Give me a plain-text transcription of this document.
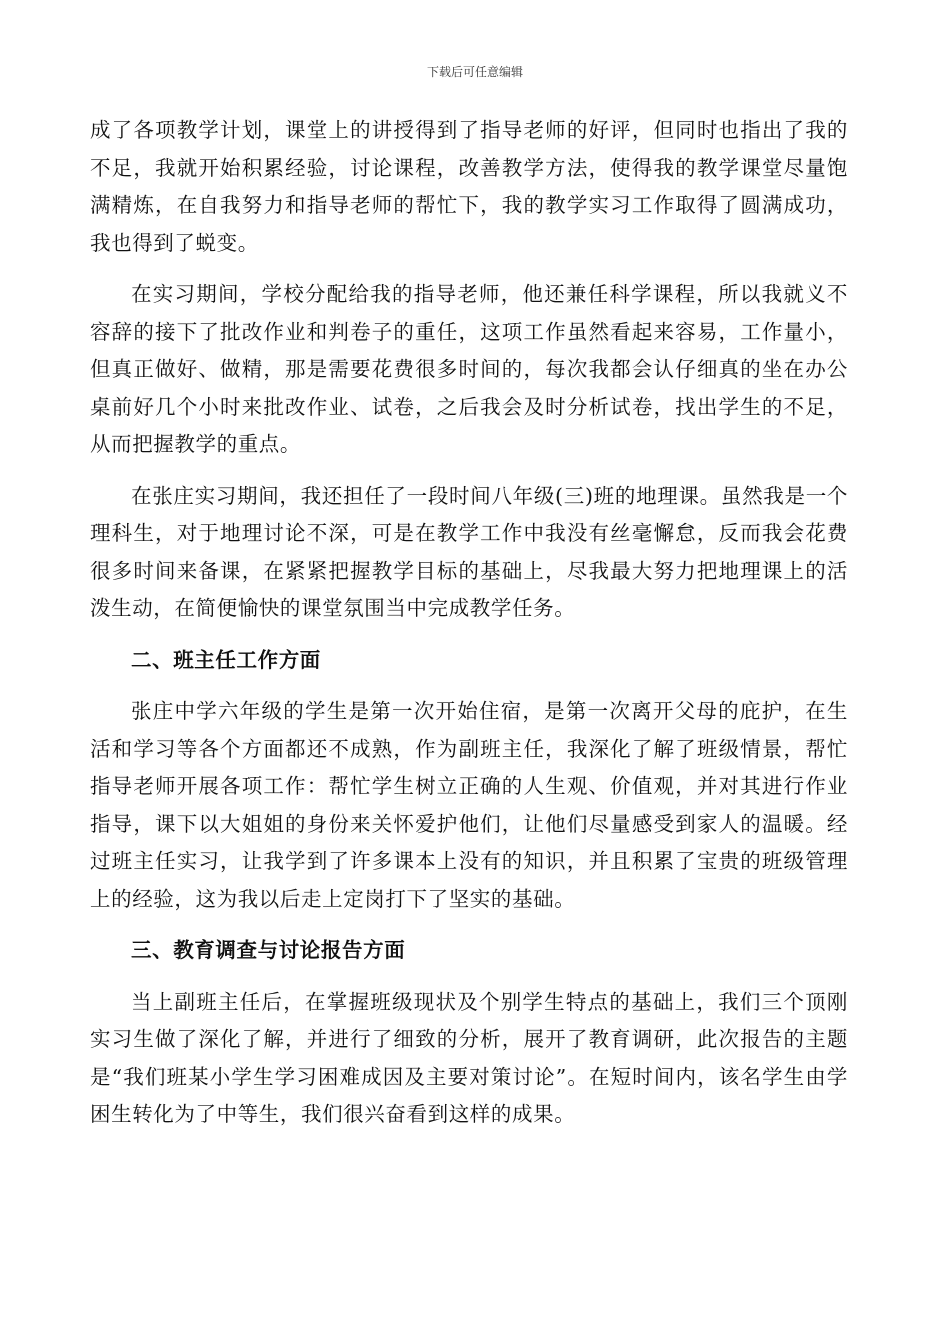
下载后可任意编辑

成了各项教学计划，课堂上的讲授得到了指导老师的好评，但同时也指出了我的不足，我就开始积累经验，讨论课程，改善教学方法，使得我的教学课堂尽量饱满精炼，在自我努力和指导老师的帮忙下，我的教学实习工作取得了圆满成功，我也得到了蜕变。

在实习期间，学校分配给我的指导老师，他还兼任科学课程，所以我就义不容辞的接下了批改作业和判卷子的重任，这项工作虽然看起来容易，工作量小，但真正做好、做精，那是需要花费很多时间的，每次我都会认仔细真的坐在办公桌前好几个小时来批改作业、试卷，之后我会及时分析试卷，找出学生的不足，从而把握教学的重点。

在张庄实习期间，我还担任了一段时间八年级(三)班的地理课。虽然我是一个理科生，对于地理讨论不深，可是在教学工作中我没有丝毫懈怠，反而我会花费很多时间来备课，在紧紧把握教学目标的基础上，尽我最大努力把地理课上的活泼生动，在简便愉快的课堂氛围当中完成教学任务。

二、班主任工作方面

张庄中学六年级的学生是第一次开始住宿，是第一次离开父母的庇护，在生活和学习等各个方面都还不成熟，作为副班主任，我深化了解了班级情景，帮忙指导老师开展各项工作：帮忙学生树立正确的人生观、价值观，并对其进行作业指导，课下以大姐姐的身份来关怀爱护他们，让他们尽量感受到家人的温暖。经过班主任实习，让我学到了许多课本上没有的知识，并且积累了宝贵的班级管理上的经验，这为我以后走上定岗打下了坚实的基础。

三、教育调查与讨论报告方面

当上副班主任后，在掌握班级现状及个别学生特点的基础上，我们三个顶刚实习生做了深化了解，并进行了细致的分析，展开了教育调研，此次报告的主题是“我们班某小学生学习困难成因及主要对策讨论”。在短时间内，该名学生由学困生转化为了中等生，我们很兴奋看到这样的成果。
